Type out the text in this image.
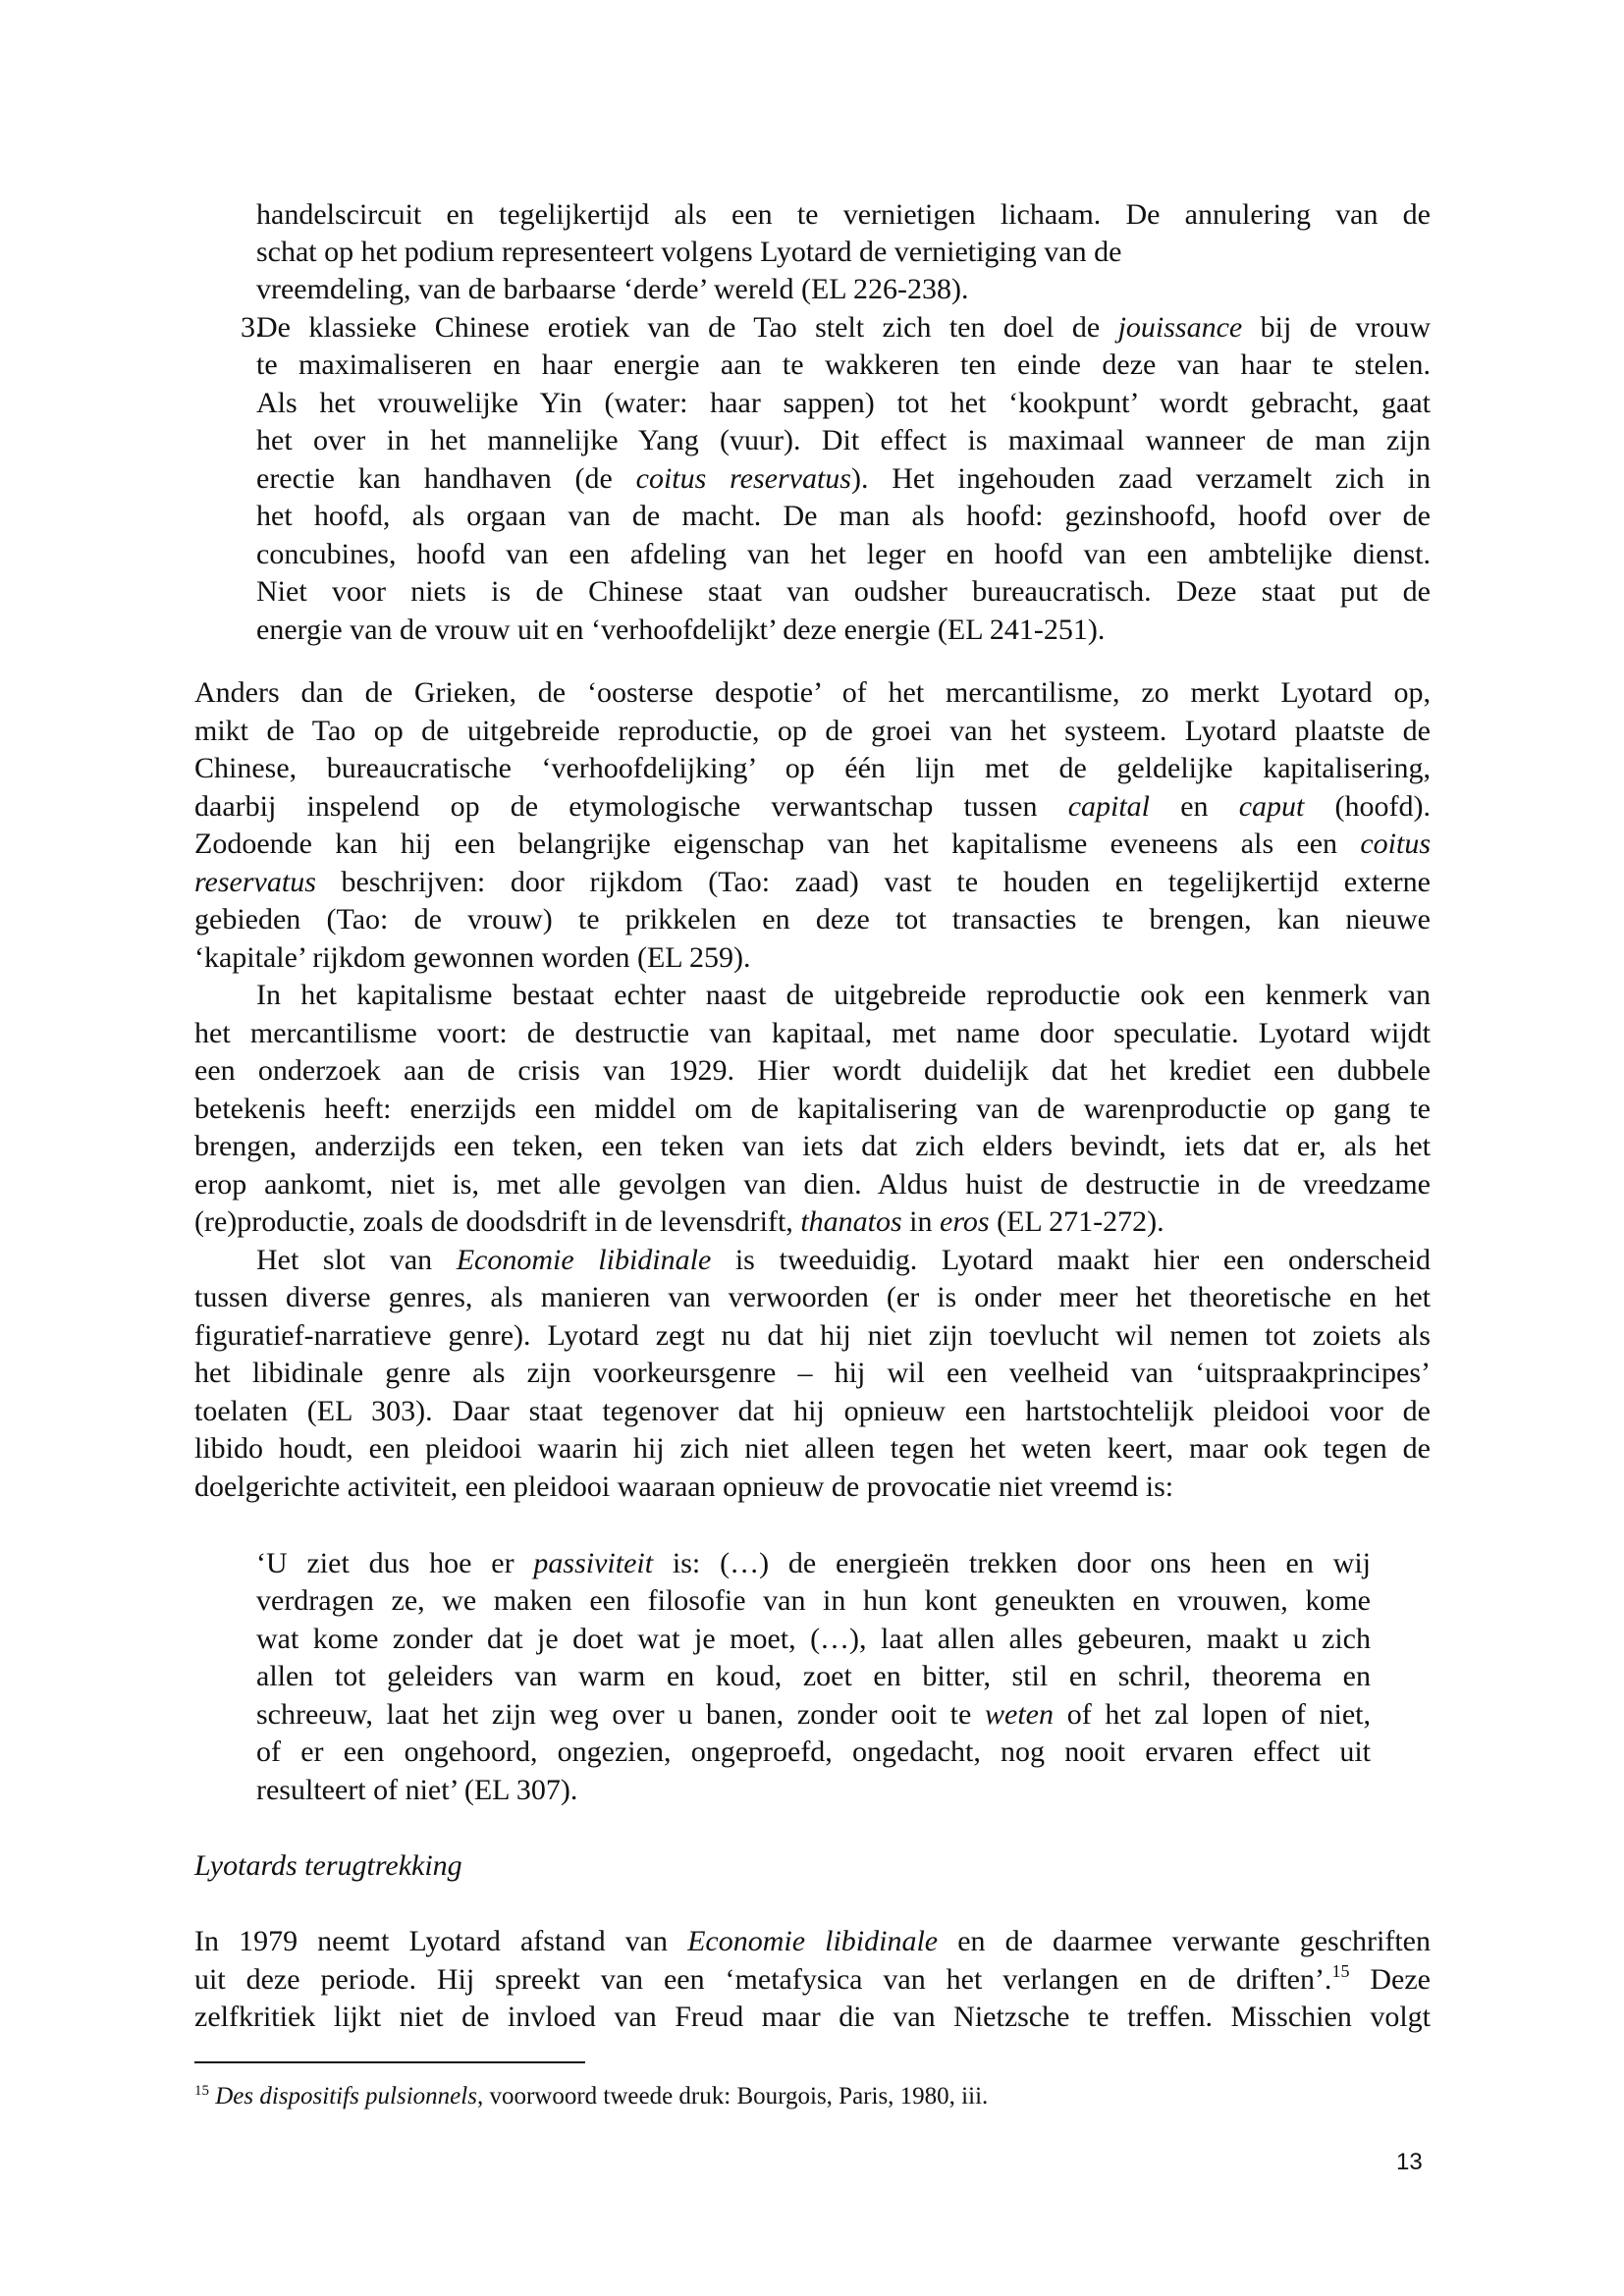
handelscircuit en tegelijkertijd als een te vernietigen lichaam. De annulering van de
schat op het podium representeert volgens Lyotard de vernietiging van de
vreemdeling, van de barbaarse ‘derde’ wereld (EL 226-238).
3.
De klassieke Chinese erotiek van de Tao stelt zich ten doel de jouissance bij de vrouw
te maximaliseren en haar energie aan te wakkeren ten einde deze van haar te stelen.
Als het vrouwelijke Yin (water: haar sappen) tot het ‘kookpunt’ wordt gebracht, gaat
het over in het mannelijke Yang (vuur). Dit effect is maximaal wanneer de man zijn
erectie kan handhaven (de coitus reservatus). Het ingehouden zaad verzamelt zich in
het hoofd, als orgaan van de macht. De man als hoofd: gezinshoofd, hoofd over de
concubines, hoofd van een afdeling van het leger en hoofd van een ambtelijke dienst.
Niet voor niets is de Chinese staat van oudsher bureaucratisch. Deze staat put de
energie van de vrouw uit en ‘verhoofdelijkt’ deze energie (EL 241-251).
Anders dan de Grieken, de ‘oosterse despotie’ of het mercantilisme, zo merkt Lyotard op,
mikt de Tao op de uitgebreide reproductie, op de groei van het systeem. Lyotard plaatste de
Chinese, bureaucratische ‘verhoofdelijking’ op één lijn met de geldelijke kapitalisering,
daarbij inspelend op de etymologische verwantschap tussen capital en caput (hoofd).
Zodoende kan hij een belangrijke eigenschap van het kapitalisme eveneens als een coitus
reservatus beschrijven: door rijkdom (Tao: zaad) vast te houden en tegelijkertijd externe
gebieden (Tao: de vrouw) te prikkelen en deze tot transacties te brengen, kan nieuwe
‘kapitale’ rijkdom gewonnen worden (EL 259).
In het kapitalisme bestaat echter naast de uitgebreide reproductie ook een kenmerk van
het mercantilisme voort: de destructie van kapitaal, met name door speculatie. Lyotard wijdt
een onderzoek aan de crisis van 1929. Hier wordt duidelijk dat het krediet een dubbele
betekenis heeft: enerzijds een middel om de kapitalisering van de warenproductie op gang te
brengen, anderzijds een teken, een teken van iets dat zich elders bevindt, iets dat er, als het
erop aankomt, niet is, met alle gevolgen van dien. Aldus huist de destructie in de vreedzame
(re)productie, zoals de doodsdrift in de levensdrift, thanatos in eros (EL 271-272).
Het slot van Economie libidinale is tweeduidig. Lyotard maakt hier een onderscheid
tussen diverse genres, als manieren van verwoorden (er is onder meer het theoretische en het
figuratief-narratieve genre). Lyotard zegt nu dat hij niet zijn toevlucht wil nemen tot zoiets als
het libidinale genre als zijn voorkeursgenre – hij wil een veelheid van ‘uitspraakprincipes’
toelaten (EL 303). Daar staat tegenover dat hij opnieuw een hartstochtelijk pleidooi voor de
libido houdt, een pleidooi waarin hij zich niet alleen tegen het weten keert, maar ook tegen de
doelgerichte activiteit, een pleidooi waaraan opnieuw de provocatie niet vreemd is:
‘U ziet dus hoe er passiviteit is: (…) de energieën trekken door ons heen en wij
verdragen ze, we maken een filosofie van in hun kont geneukten en vrouwen, kome
wat kome zonder dat je doet wat je moet, (…), laat allen alles gebeuren, maakt u zich
allen tot geleiders van warm en koud, zoet en bitter, stil en schril, theorema en
schreeuw, laat het zijn weg over u banen, zonder ooit te weten of het zal lopen of niet,
of er een ongehoord, ongezien, ongeproefd, ongedacht, nog nooit ervaren effect uit
resulteert of niet’ (EL 307).
Lyotards terugtrekking
In 1979 neemt Lyotard afstand van Economie libidinale en de daarmee verwante geschriften
uit deze periode. Hij spreekt van een ‘metafysica van het verlangen en de driften’.$^{15}$ Deze
zelfkritiek lijkt niet de invloed van Freud maar die van Nietzsche te treffen. Misschien volgt
$^{15}$ Des dispositifs pulsionnels, voorwoord tweede druk: Bourgois, Paris, 1980, iii.
13
